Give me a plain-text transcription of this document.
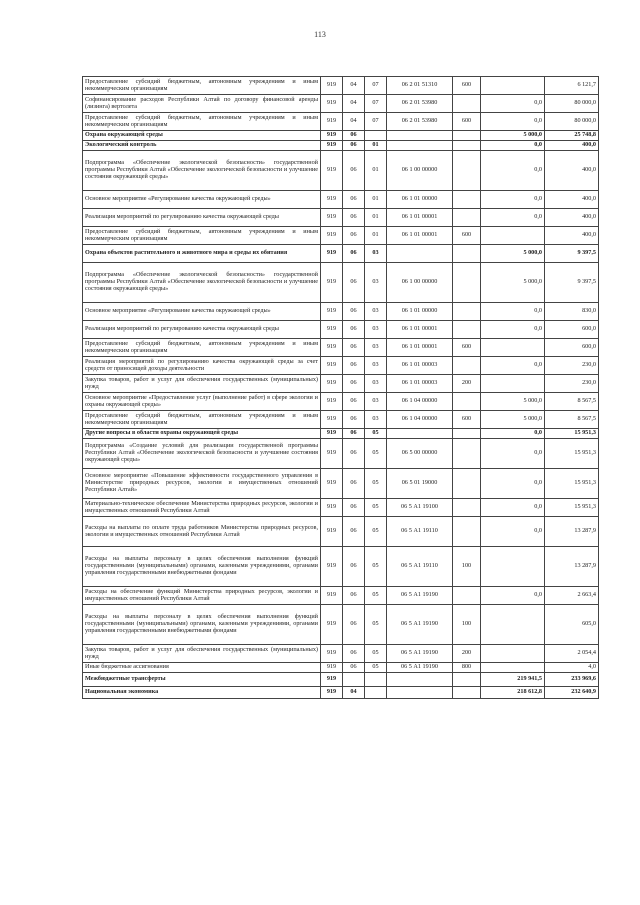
113
Предоставление субсидий бюджетным, автономным учреждениям и иным некоммерческим организациям	919	04	07	06 2 01 51310	600		6 121,7
Софинансирование расходов Республики Алтай по договору финансовой аренды (лизинга) вертолета	919	04	07	06 2 01 53980		0,0	80 000,0
Предоставление субсидий бюджетным, автономным учреждениям и иным некоммерческим организациям	919	04	07	06 2 01 53980	600	0,0	80 000,0
Охрана окружающей среды	919	06				5 000,0	25 748,8
Экологический контроль	919	06	01			0,0	400,0
Подпрограмма «Обеспечение экологической безопасности» государственной программы Республики Алтай «Обеспечение экологической безопасности и улучшение состояния окружающей среды»	919	06	01	06 1 00 00000		0,0	400,0
Основное мероприятие «Регулирование качества окружающей среды»	919	06	01	06 1 01 00000		0,0	400,0
Реализация мероприятий по регулированию качества окружающей среды	919	06	01	06 1 01 00001		0,0	400,0
Предоставление субсидий бюджетным, автономным учреждениям и иным некоммерческим организациям	919	06	01	06 1 01 00001	600		400,0
Охрана объектов растительного и животного мира и среды их обитания	919	06	03			5 000,0	9 397,5
Подпрограмма «Обеспечение экологической безопасности» государственной программы Республики Алтай «Обеспечение экологической безопасности и улучшение состояния окружающей среды»	919	06	03	06 1 00 00000		5 000,0	9 397,5
Основное мероприятие «Регулирование качества окружающей среды»	919	06	03	06 1 01 00000		0,0	830,0
Реализация мероприятий по регулированию качества окружающей среды	919	06	03	06 1 01 00001		0,0	600,0
Предоставление субсидий бюджетным, автономным учреждениям и иным некоммерческим организациям	919	06	03	06 1 01 00001	600		600,0
Реализация мероприятий по регулированию качества окружающей среды за счет средств от приносящей доходы деятельности	919	06	03	06 1 01 00003		0,0	230,0
Закупка товаров, работ и услуг для обеспечения государственных (муниципальных) нужд	919	06	03	06 1 01 00003	200		230,0
Основное мероприятие «Предоставление услуг (выполнение работ) в сфере экологии и охраны окружающей среды»	919	06	03	06 1 04 00000		5 000,0	8 567,5
Предоставление субсидий бюджетным, автономным учреждениям и иным некоммерческим организациям	919	06	03	06 1 04 00000	600	5 000,0	8 567,5
Другие вопросы в области охраны окружающей среды	919	06	05			0,0	15 951,3
Подпрограмма «Создание условий для реализации государственной программы Республики Алтай «Обеспечение экологической безопасности и улучшение состояния окружающей среды»	919	06	05	06 5 00 00000		0,0	15 951,3
Основное мероприятие «Повышение эффективности государственного управления в Министерстве природных ресурсов, экологии и имущественных отношений Республики Алтай»	919	06	05	06 5 01 19000		0,0	15 951,3
Материально-техническое обеспечение Министерства природных ресурсов, экологии и имущественных отношений Республики Алтай	919	06	05	06 5 А1 19100		0,0	15 951,3
Расходы на выплаты по оплате труда работников Министерства природных ресурсов, экологии и имущественных отношений Республики Алтай	919	06	05	06 5 А1 19110		0,0	13 287,9
Расходы на выплаты персоналу в целях обеспечения выполнения функций государственными (муниципальными) органами, казенными учреждениями, органами управления государственными внебюджетными фондами	919	06	05	06 5 А1 19110	100		13 287,9
Расходы на обеспечение функций Министерства природных ресурсов, экологии и имущественных отношений Республики Алтай	919	06	05	06 5 А1 19190		0,0	2 663,4
Расходы на выплаты персоналу в целях обеспечения выполнения функций государственными (муниципальными) органами, казенными учреждениями, органами управления государственными внебюджетными фондами	919	06	05	06 5 А1 19190	100		605,0
Закупка товаров, работ и услуг для обеспечения государственных (муниципальных) нужд	919	06	05	06 5 А1 19190	200		2 054,4
Иные бюджетные ассигнования	919	06	05	06 5 А1 19190	800		4,0
Межбюджетные трансферты	919					219 941,5	233 969,6
Национальная экономика	919	04				218 612,8	232 640,9
